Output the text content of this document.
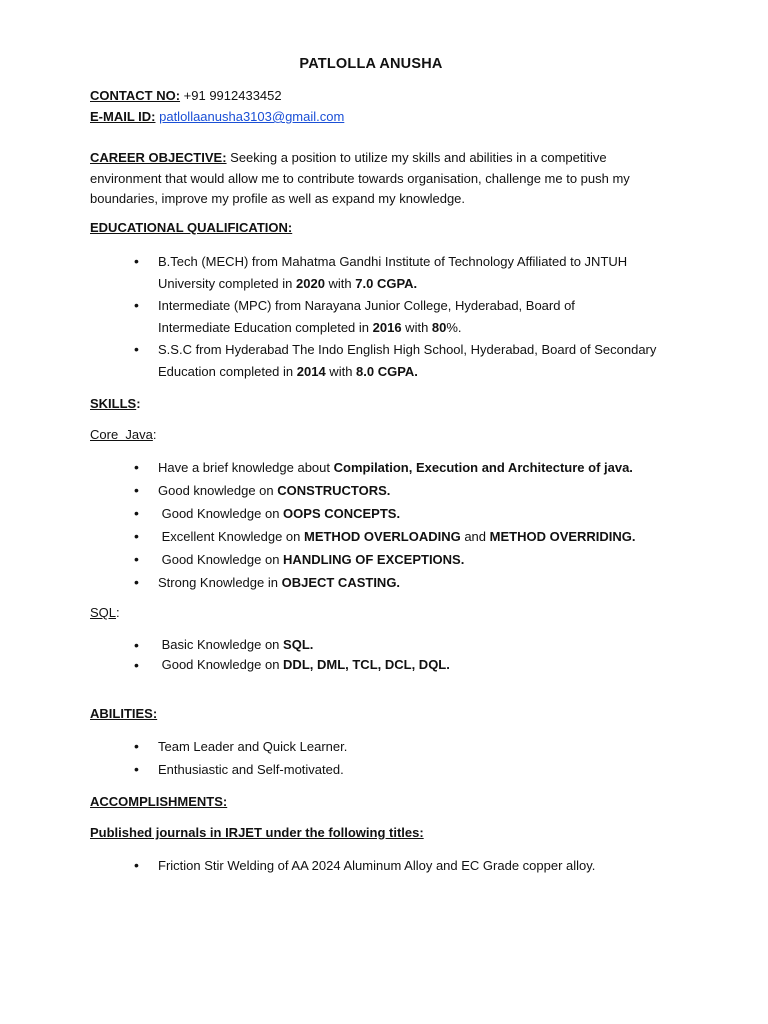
PATLOLLA ANUSHA
CONTACT NO: +91 9912433452
E-MAIL ID: patlollaanusha3103@gmail.com
CAREER OBJECTIVE: Seeking a position to utilize my skills and abilities in a competitive
environment that would allow me to contribute towards organisation, challenge me to push my
boundaries, improve my profile as well as expand my knowledge.
EDUCATIONAL QUALIFICATION:
• B.Tech (MECH) from Mahatma Gandhi Institute of Technology Affiliated to JNTUH
University completed in 2020 with 7.0 CGPA.
• Intermediate (MPC) from Narayana Junior College, Hyderabad, Board of
Intermediate Education completed in 2016 with 80%.
• S.S.C from Hyderabad The Indo English High School, Hyderabad, Board of Secondary
Education completed in 2014 with 8.0 CGPA.
SKILLS:
Core  Java:
• Have a brief knowledge about Compilation, Execution and Architecture of java.
• Good knowledge on CONSTRUCTORS.
• Good Knowledge on OOPS CONCEPTS.
• Excellent Knowledge on METHOD OVERLOADING and METHOD OVERRIDING.
• Good Knowledge on HANDLING OF EXCEPTIONS.
• Strong Knowledge in OBJECT CASTING.
SQL:
• Basic Knowledge on SQL.
• Good Knowledge on DDL, DML, TCL, DCL, DQL.
ABILITIES:
• Team Leader and Quick Learner.
• Enthusiastic and Self-motivated.
ACCOMPLISHMENTS:
Published journals in IRJET under the following titles:
• Friction Stir Welding of AA 2024 Aluminum Alloy and EC Grade copper alloy.
